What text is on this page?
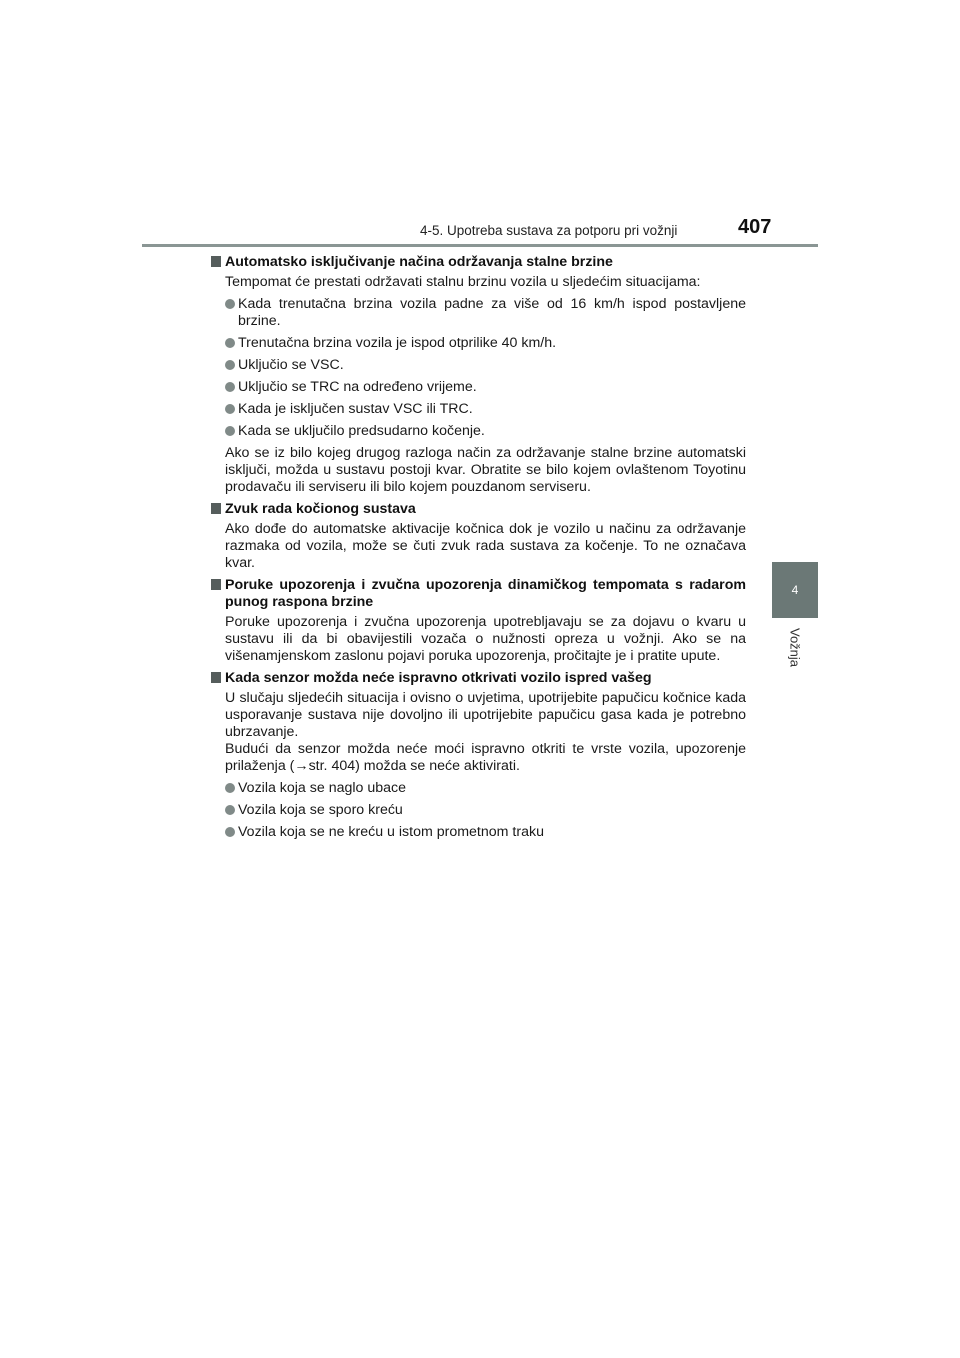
4-5. Upotreba sustava za potporu pri vožnji	407
4
Vožnja
Automatsko isključivanje načina održavanja stalne brzine
Tempomat će prestati održavati stalnu brzinu vozila u sljedećim situacijama:
Kada trenutačna brzina vozila padne za više od 16 km/h ispod postavljene brzine.
Trenutačna brzina vozila je ispod otprilike 40 km/h.
Uključio se VSC.
Uključio se TRC na određeno vrijeme.
Kada je isključen sustav VSC ili TRC.
Kada se uključilo predsudarno kočenje.
Ako se iz bilo kojeg drugog razloga način za održavanje stalne brzine automatski isključi, možda u sustavu postoji kvar. Obratite se bilo kojem ovlaštenom Toyotinu prodavaču ili serviseru ili bilo kojem pouzdanom serviseru.
Zvuk rada kočionog sustava
Ako dođe do automatske aktivacije kočnica dok je vozilo u načinu za održavanje razmaka od vozila, može se čuti zvuk rada sustava za kočenje. To ne označava kvar.
Poruke upozorenja i zvučna upozorenja dinamičkog tempomata s radarom punog raspona brzine
Poruke upozorenja i zvučna upozorenja upotrebljavaju se za dojavu o kvaru u sustavu ili da bi obavijestili vozača o nužnosti opreza u vožnji. Ako se na višenamjenskom zaslonu pojavi poruka upozorenja, pročitajte je i pratite upute.
Kada senzor možda neće ispravno otkrivati vozilo ispred vašeg
U slučaju sljedećih situacija i ovisno o uvjetima, upotrijebite papučicu kočnice kada usporavanje sustava nije dovoljno ili upotrijebite papučicu gasa kada je potrebno ubrzavanje.
Budući da senzor možda neće moći ispravno otkriti te vrste vozila, upozorenje prilaženja (→str. 404) možda se neće aktivirati.
Vozila koja se naglo ubace
Vozila koja se sporo kreću
Vozila koja se ne kreću u istom prometnom traku
